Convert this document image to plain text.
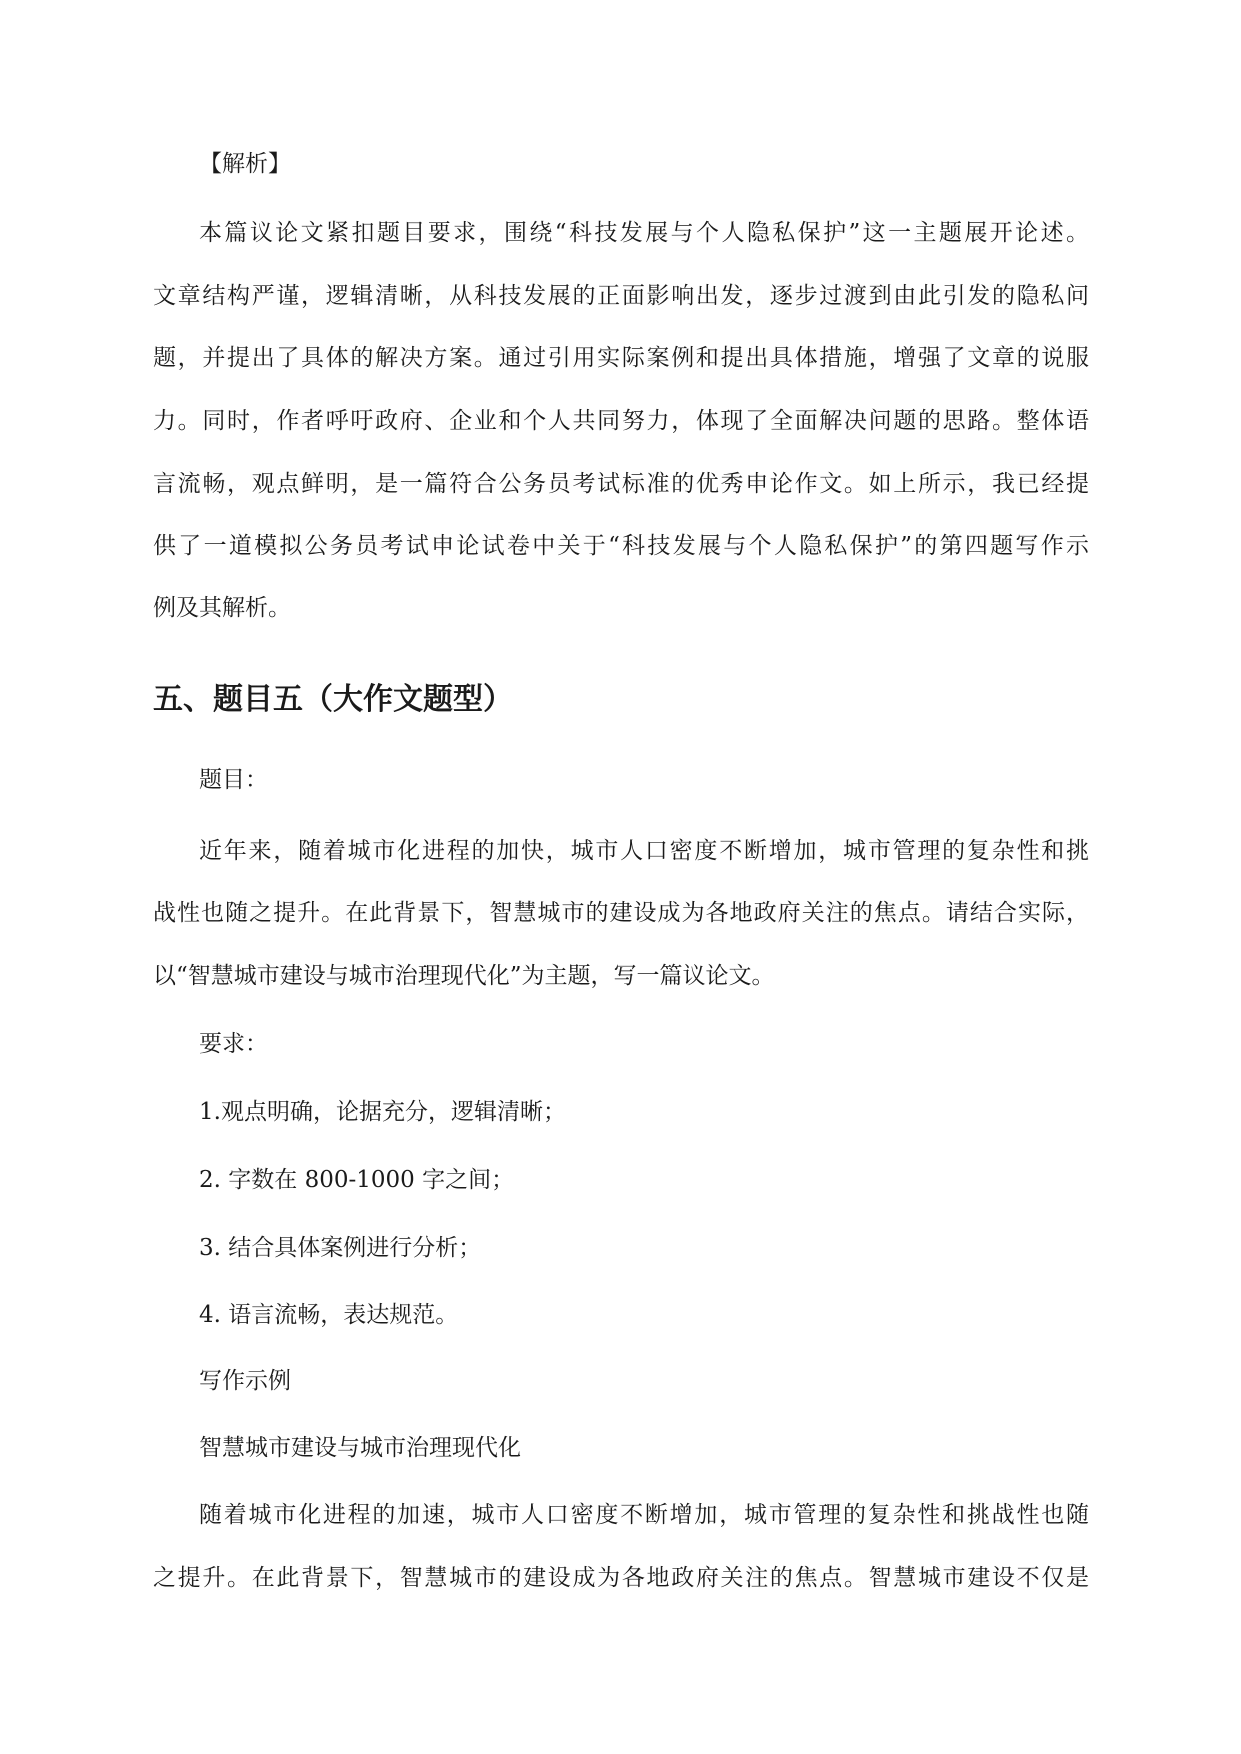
【解析】

本篇议论文紧扣题目要求，围绕“科技发展与个人隐私保护”这一主题展开论述。

文章结构严谨，逻辑清晰，从科技发展的正面影响出发，逐步过渡到由此引发的隐私问

题，并提出了具体的解决方案。通过引用实际案例和提出具体措施，增强了文章的说服

力。同时，作者呼吁政府、企业和个人共同努力，体现了全面解决问题的思路。整体语

言流畅，观点鲜明，是一篇符合公务员考试标准的优秀申论作文。如上所示，我已经提

供了一道模拟公务员考试申论试卷中关于“科技发展与个人隐私保护”的第四题写作示

例及其解析。

五、题目五（大作文题型）

题目：

近年来，随着城市化进程的加快，城市人口密度不断增加，城市管理的复杂性和挑

战性也随之提升。在此背景下，智慧城市的建设成为各地政府关注的焦点。请结合实际，

以“智慧城市建设与城市治理现代化”为主题，写一篇议论文。

要求：

1.观点明确，论据充分，逻辑清晰；

2. 字数在 800-1000 字之间；

3. 结合具体案例进行分析；

4. 语言流畅，表达规范。

写作示例

智慧城市建设与城市治理现代化

随着城市化进程的加速，城市人口密度不断增加，城市管理的复杂性和挑战性也随

之提升。在此背景下，智慧城市的建设成为各地政府关注的焦点。智慧城市建设不仅是
